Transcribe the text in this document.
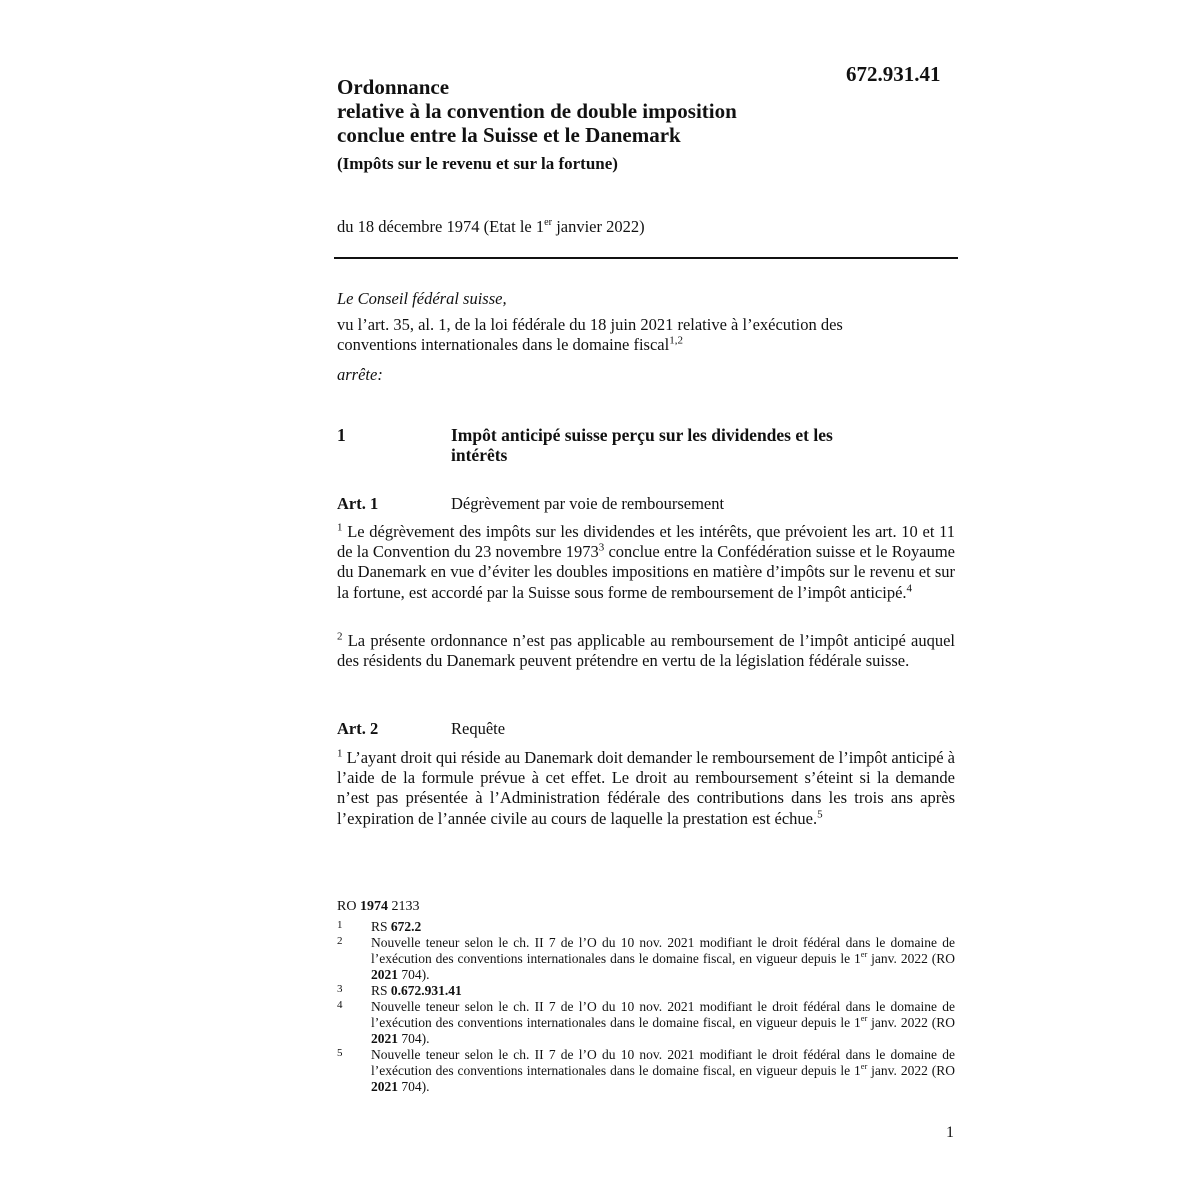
672.931.41
Ordonnance
relative à la convention de double imposition
conclue entre la Suisse et le Danemark
(Impôts sur le revenu et sur la fortune)
du 18 décembre 1974 (Etat le 1er janvier 2022)
Le Conseil fédéral suisse,
vu l’art. 35, al. 1, de la loi fédérale du 18 juin 2021 relative à l’exécution des conventions internationales dans le domaine fiscal$^{1,2}$
arrête:
1	Impôt anticipé suisse perçu sur les dividendes et les intérêts
Art. 1	Dégrèvement par voie de remboursement
$^1$ Le dégrèvement des impôts sur les dividendes et les intérêts, que prévoient les art. 10 et 11 de la Convention du 23 novembre 1973$^3$ conclue entre la Confédération suisse et le Royaume du Danemark en vue d’éviter les doubles impositions en matière d’impôts sur le revenu et sur la fortune, est accordé par la Suisse sous forme de remboursement de l’impôt anticipé.$^4$
$^2$ La présente ordonnance n’est pas applicable au remboursement de l’impôt anticipé auquel des résidents du Danemark peuvent prétendre en vertu de la législation fédérale suisse.
Art. 2	Requête
$^1$ L’ayant droit qui réside au Danemark doit demander le remboursement de l’impôt anticipé à l’aide de la formule prévue à cet effet. Le droit au remboursement s’éteint si la demande n’est pas présentée à l’Administration fédérale des contributions dans les trois ans après l’expiration de l’année civile au cours de laquelle la prestation est échue.$^5$
RO 1974 2133
1 RS 672.2
2 Nouvelle teneur selon le ch. II 7 de l’O du 10 nov. 2021 modifiant le droit fédéral dans le domaine de l’exécution des conventions internationales dans le domaine fiscal, en vigueur depuis le 1er janv. 2022 (RO 2021 704).
3 RS 0.672.931.41
4 Nouvelle teneur selon le ch. II 7 de l’O du 10 nov. 2021 modifiant le droit fédéral dans le domaine de l’exécution des conventions internationales dans le domaine fiscal, en vigueur depuis le 1er janv. 2022 (RO 2021 704).
5 Nouvelle teneur selon le ch. II 7 de l’O du 10 nov. 2021 modifiant le droit fédéral dans le domaine de l’exécution des conventions internationales dans le domaine fiscal, en vigueur depuis le 1er janv. 2022 (RO 2021 704).
1
